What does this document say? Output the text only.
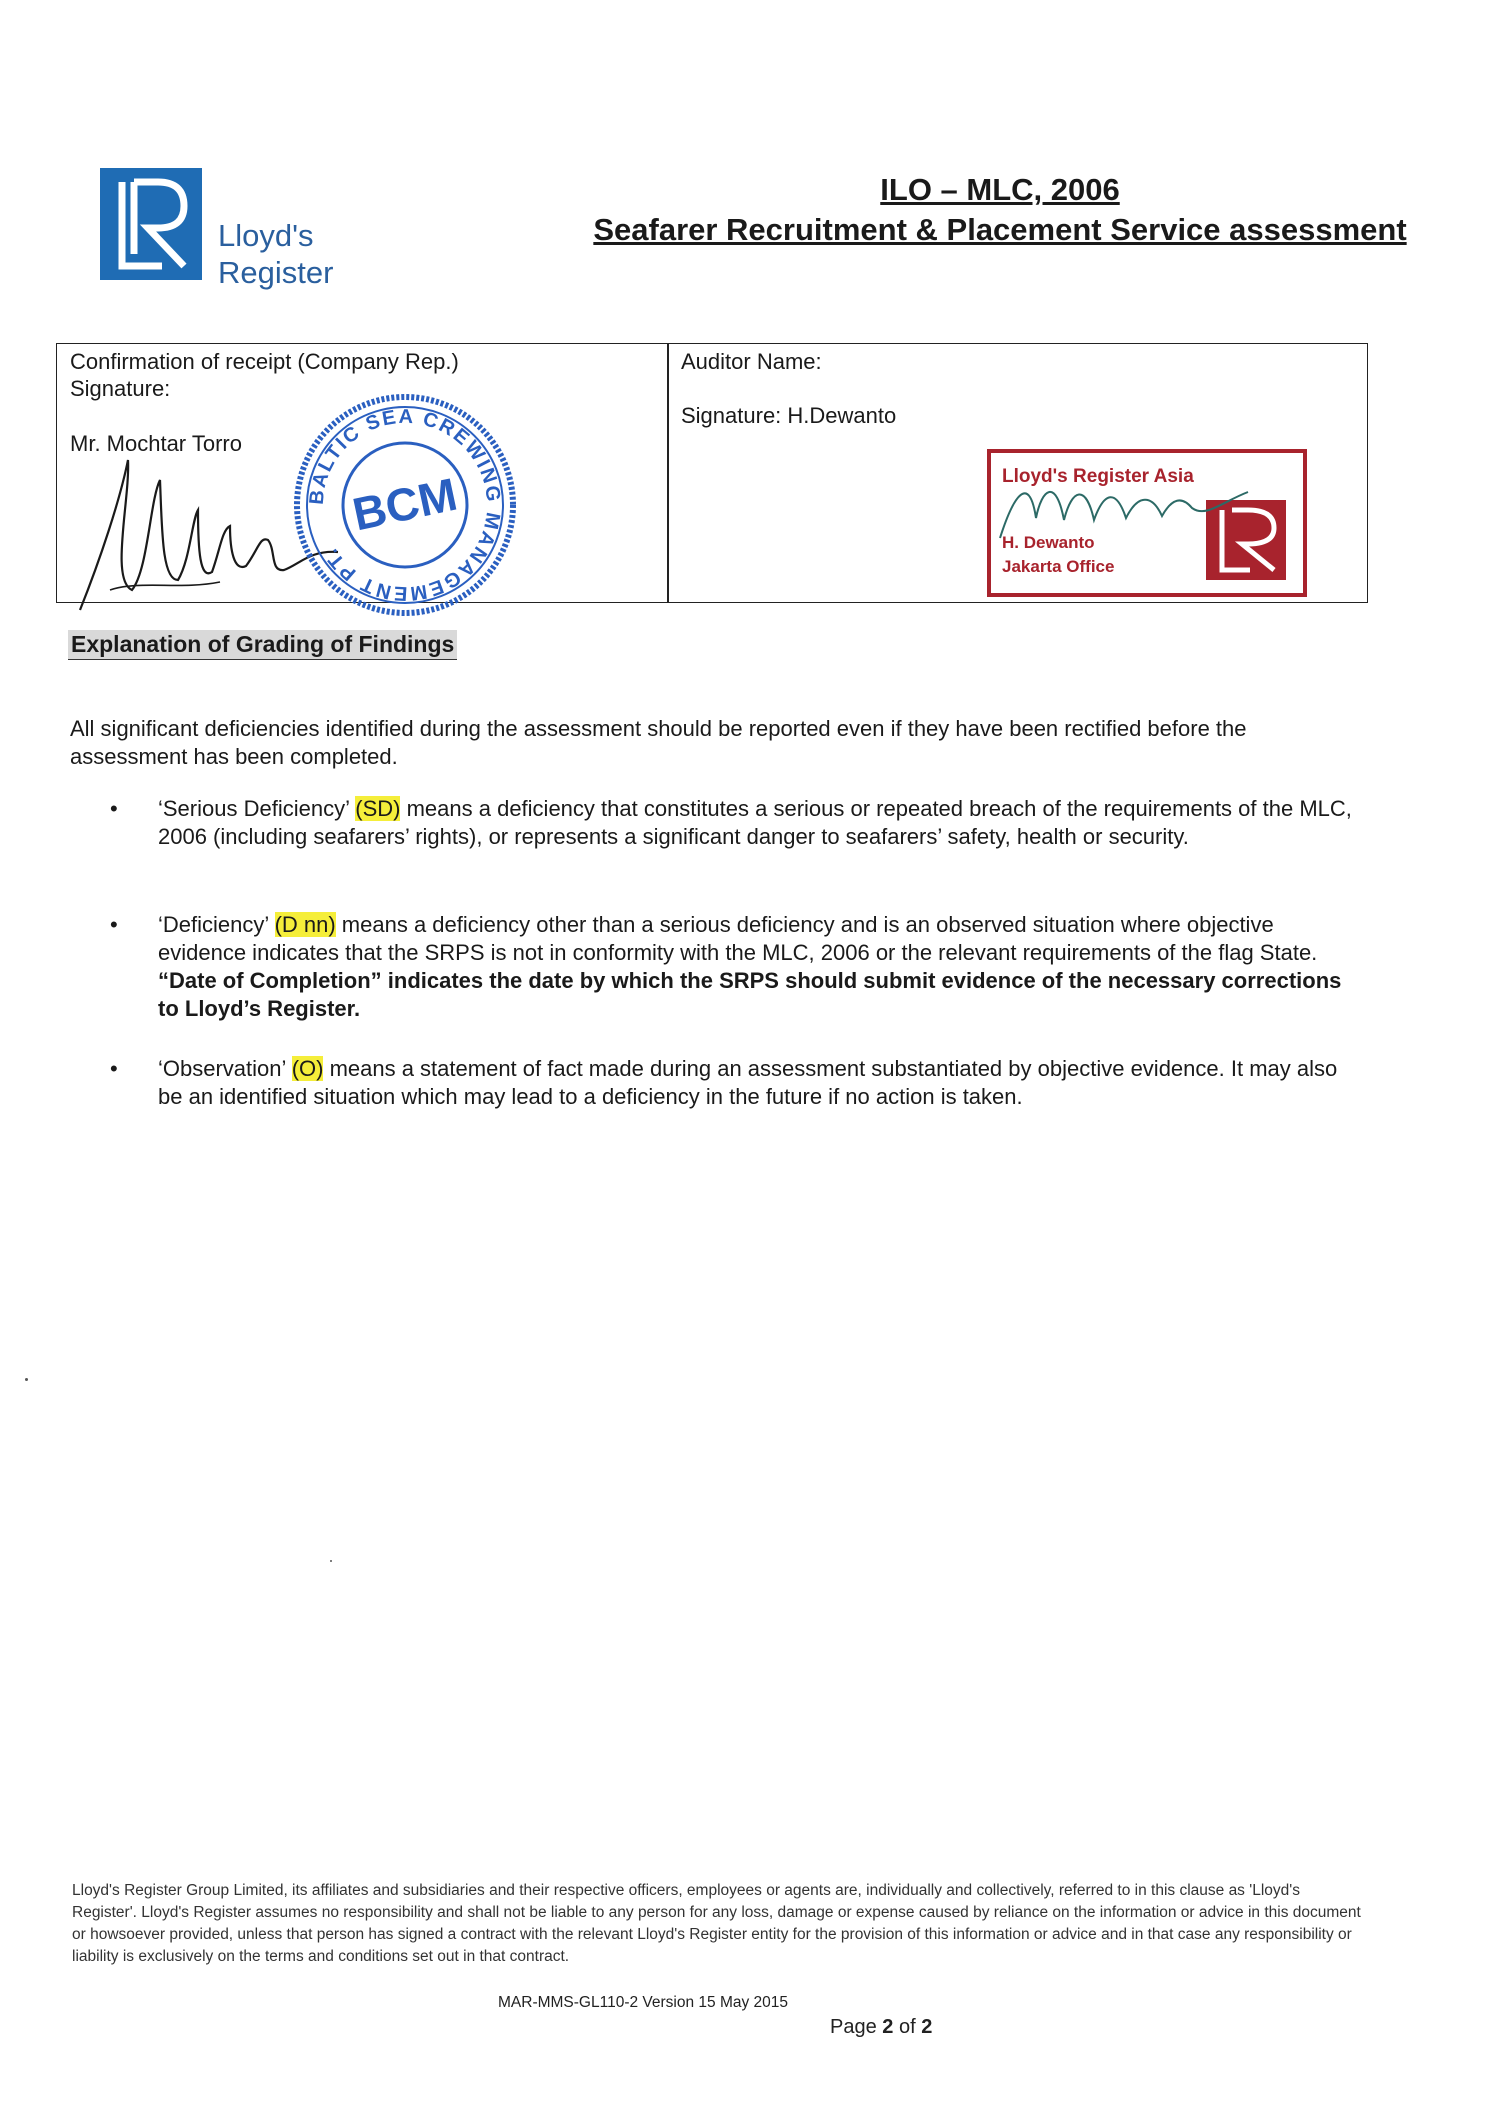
Lloyd's
Register
ILO – MLC, 2006
Seafarer Recruitment & Placement Service assessment
Confirmation of receipt (Company Rep.)
Signature:
Mr. Mochtar Torro
Auditor Name:
Signature: H.Dewanto
BALTIC SEA CREWING MANAGEMENT PT.
BCM	Lloyd's Register Asia
H. Dewanto
Jakarta Office
Explanation of Grading of Findings
All significant deficiencies identified during the assessment should be reported even if they have been rectified before the assessment has been completed.
• ‘Serious Deficiency’ (SD) means a deficiency that constitutes a serious or repeated breach of the requirements of the MLC, 2006 (including seafarers’ rights), or represents a significant danger to seafarers’ safety, health or security.
• ‘Deficiency’ (D nn) means a deficiency other than a serious deficiency and is an observed situation where objective evidence indicates that the SRPS is not in conformity with the MLC, 2006 or the relevant requirements of the flag State. “Date of Completion” indicates the date by which the SRPS should submit evidence of the necessary corrections to Lloyd’s Register.
• ‘Observation’ (O) means a statement of fact made during an assessment substantiated by objective evidence. It may also be an identified situation which may lead to a deficiency in the future if no action is taken.
Lloyd's Register Group Limited, its affiliates and subsidiaries and their respective officers, employees or agents are, individually and collectively, referred to in this clause as 'Lloyd's Register'. Lloyd's Register assumes no responsibility and shall not be liable to any person for any loss, damage or expense caused by reliance on the information or advice in this document or howsoever provided, unless that person has signed a contract with the relevant Lloyd's Register entity for the provision of this information or advice and in that case any responsibility or liability is exclusively on the terms and conditions set out in that contract.
MAR-MMS-GL110-2 Version 15 May 2015
Page 2 of 2
